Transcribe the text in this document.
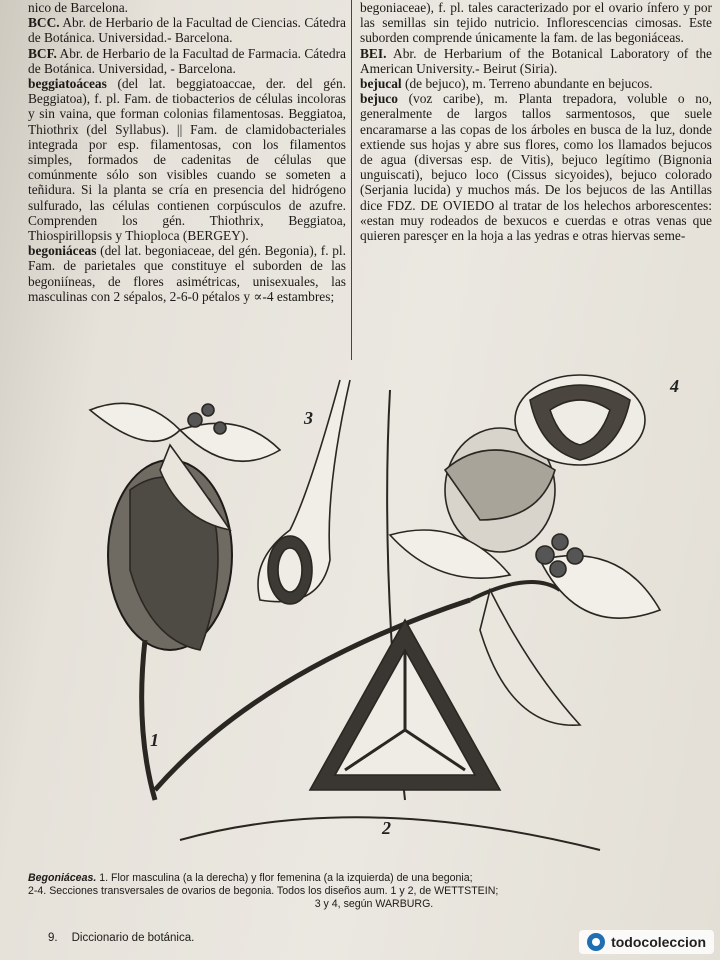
nico de Barcelona.

BCC. Abr. de Herbario de la Facultad de Ciencias. Cátedra de Botánica. Universidad.- Barcelona.

BCF. Abr. de Herbario de la Facultad de Farmacia. Cátedra de Botánica. Universidad, - Barcelona.

beggiatoáceas (del lat. beggiatoaccae, der. del gén. Beggiatoa), f. pl. Fam. de tiobacterios de células incoloras y sin vaina, que forman colonias filamentosas. Beggiatoa, Thiothrix (del Syllabus). || Fam. de clamidobacteriales integrada por esp. filamentosas, con los filamentos simples, formados de cadenitas de células que comúnmente sólo son visibles cuando se someten a teñidura. Si la planta se cría en presencia del hidrógeno sulfurado, las células contienen corpúsculos de azufre. Comprenden los gén. Thiothrix, Beggiatoa, Thiospirillopsis y Thioploca (BERGEY).

begoniáceas (del lat. begoniaceae, del gén. Begonia), f. pl. Fam. de parietales que constituye el suborden de las begoniíneas, de flores asimétricas, unisexuales, las masculinas con 2 sépalos, 2-6-0 pétalos y ∝-4 estambres;

begoniaceae), f. pl. tales caracterizado por el ovario ínfero y por las semillas sin tejido nutricio. Inflorescencias cimosas. Este suborden comprende únicamente la fam. de las begoniáceas.

BEI. Abr. de Herbarium of the Botanical Laboratory of the American University.- Beirut (Siria).

bejucal (de bejuco), m. Terreno abundante en bejucos.

bejuco (voz caribe), m. Planta trepadora, voluble o no, generalmente de largos tallos sarmentosos, que suele encaramarse a las copas de los árboles en busca de la luz, donde extiende sus hojas y abre sus flores, como los llamados bejucos de agua (diversas esp. de Vitis), bejuco legítimo (Bignonia unguiscati), bejuco loco (Cissus sicyoides), bejuco colorado (Serjania lucida) y muchos más. De los bejucos de las Antillas dice FDZ. DE OVIEDO al tratar de los helechos arborescentes: «estan muy rodeados de bexucos e cuerdas e otras venas que quieren paresçer en la hoja a las yedras e otras hiervas seme-

3
4
1
2
Begoniáceas. 1. Flor masculina (a la derecha) y flor femenina (a la izquierda) de una begonia;
2-4. Secciones transversales de ovarios de begonia. Todos los diseños aum. 1 y 2, de WETTSTEIN;

3 y 4, según WARBURG.
9. Diccionario de botánica.	todocoleccion
